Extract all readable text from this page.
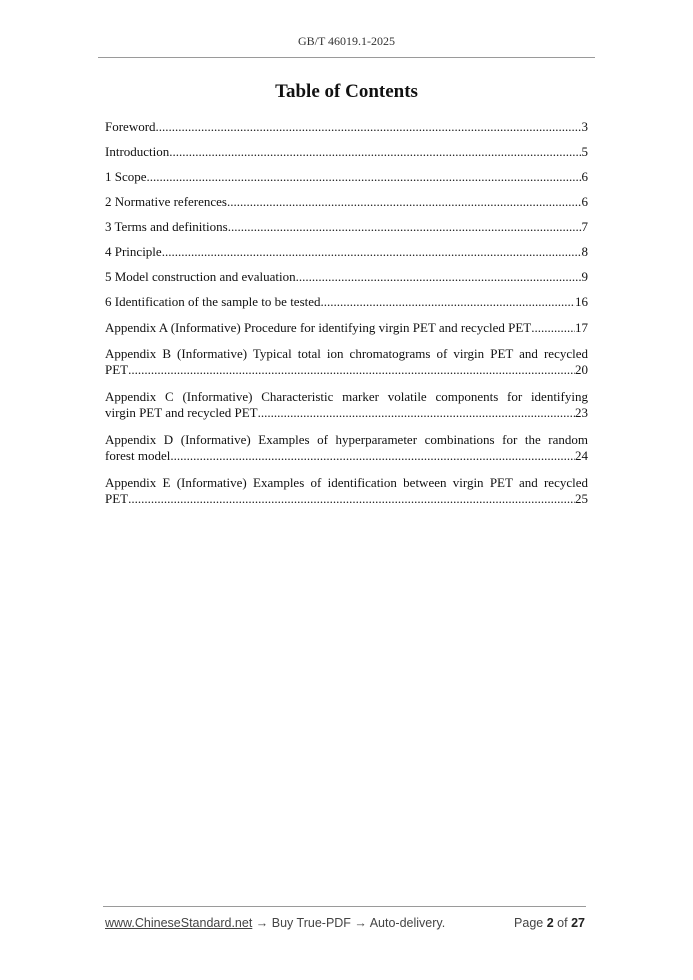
GB/T 46019.1-2025
Table of Contents
Foreword .....	3
Introduction .....	5
1 Scope .....	6
2 Normative references .....	6
3 Terms and definitions .....	7
4 Principle .....	8
5 Model construction and evaluation .....	9
6 Identification of the sample to be tested .....	16
Appendix A (Informative) Procedure for identifying virgin PET and recycled PET .....	17
Appendix B (Informative) Typical total ion chromatograms of virgin PET and recycled
PET .....	20
Appendix C (Informative) Characteristic marker volatile components for identifying
virgin PET and recycled PET .....	23
Appendix D (Informative) Examples of hyperparameter combinations for the random
forest model .....	24
Appendix E (Informative) Examples of identification between virgin PET and recycled
PET .....	25
www.ChineseStandard.net → Buy True-PDF → Auto-delivery.	Page 2 of 27
